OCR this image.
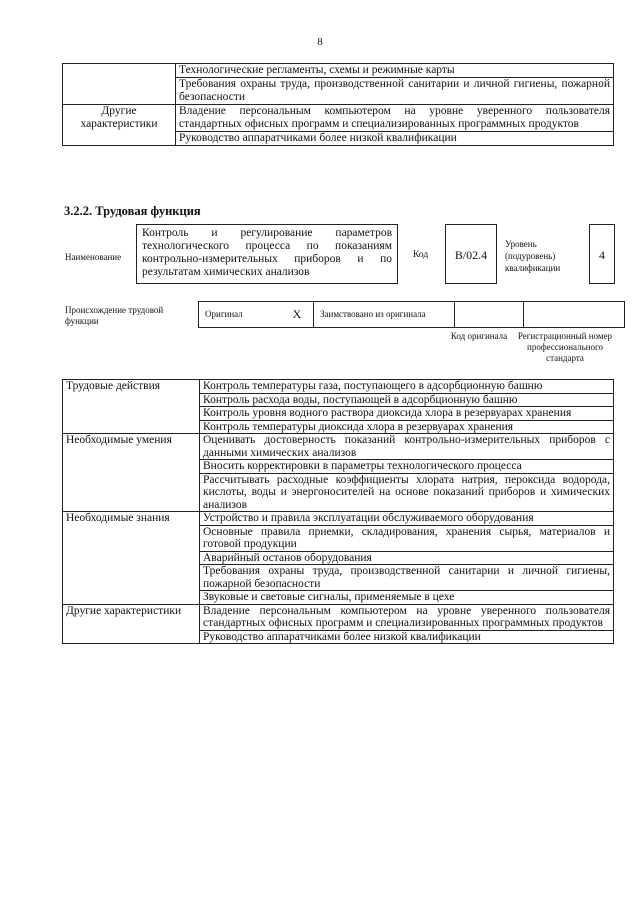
8
	Технологические регламенты, схемы и режимные карты
	Требования охраны труда, производственной санитарии и личной гигиены, пожарной безопасности
Другие характеристики	Владение персональным компьютером на уровне уверенного пользователя стандартных офисных программ и специализированных программных продуктов
	Руководство аппаратчиками более низкой квалификации
3.2.2. Трудовая функция
Наименование
Контроль и регулирование параметров технологического процесса по показаниям контрольно-измерительных приборов и по результатам химических анализов
Код	B/02.4
Уровень
(подуровень)
квалификации
4
Происхождение трудовой функции
Оригинал	X	Заимствовано из оригинала		
Код оригинала	Регистрационный номер профессионального стандарта
Трудовые действия	Контроль температуры газа, поступающего в адсорбционную башню
	Контроль расхода воды, поступающей в адсорбционную башню
	Контроль уровня водного раствора диоксида хлора в резервуарах хранения
	Контроль температуры диоксида хлора в резервуарах хранения
Необходимые умения	Оценивать достоверность показаний контрольно-измерительных приборов с данными химических анализов
	Вносить корректировки в параметры технологического процесса
	Рассчитывать расходные коэффициенты хлората натрия, пероксида водорода, кислоты, воды и энергоносителей на основе показаний приборов и химических анализов
Необходимые знания	Устройство и правила эксплуатации обслуживаемого оборудования
	Основные правила приемки, складирования, хранения сырья, материалов и готовой продукции
	Аварийный останов оборудования
	Требования охраны труда, производственной санитарии и личной гигиены, пожарной безопасности
	Звуковые и световые сигналы, применяемые в цехе
Другие характеристики	Владение персональным компьютером на уровне уверенного пользователя стандартных офисных программ и специализированных программных продуктов
	Руководство аппаратчиками более низкой квалификации
